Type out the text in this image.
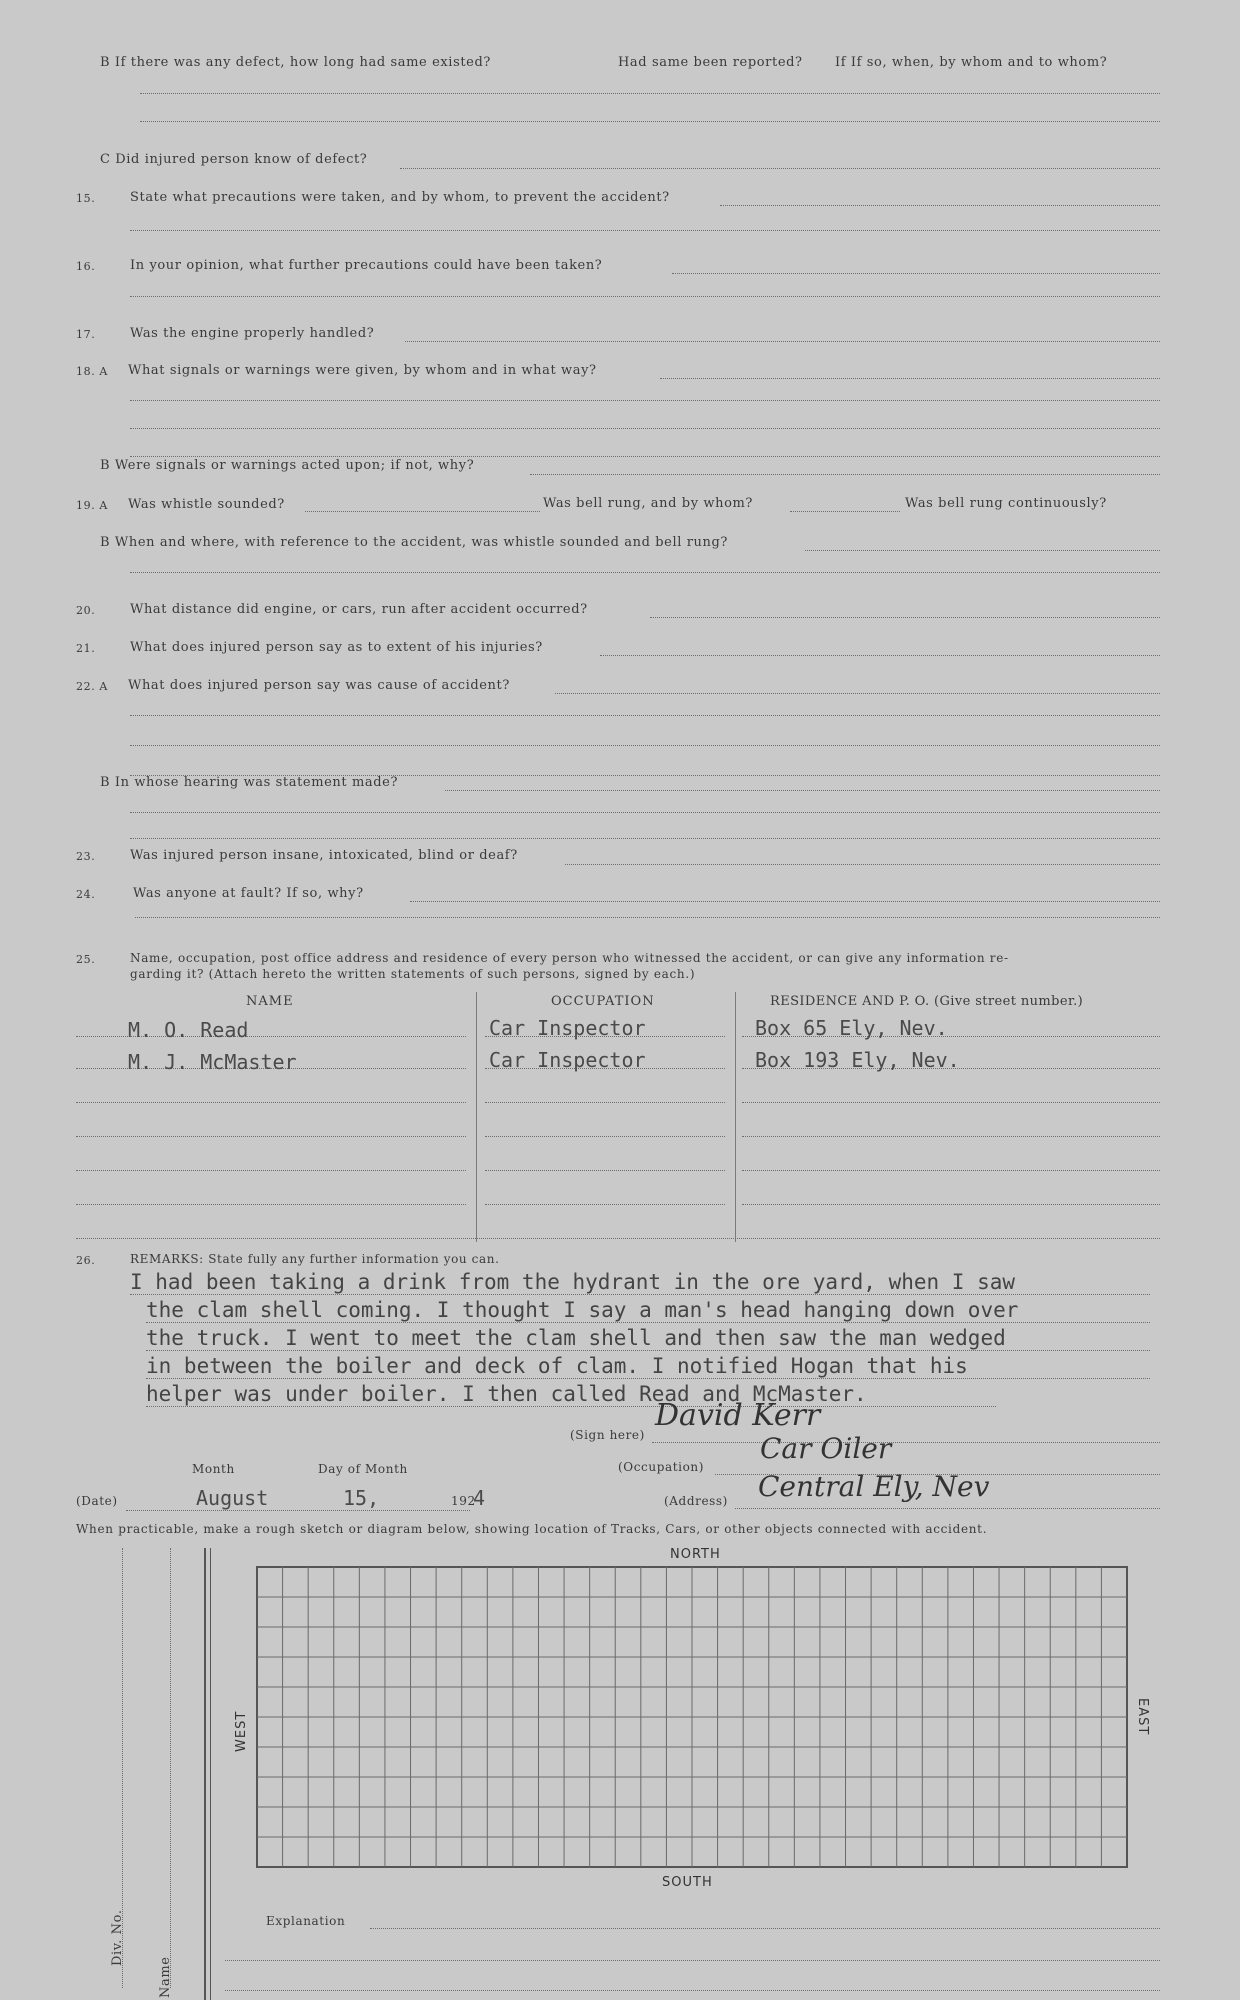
B If there was any defect, how long had same existed?	Had same been reported? If If so, when, by whom and to whom?
C Did injured person know of defect?
15.	State what precautions were taken, and by whom, to prevent the accident?
16.	In your opinion, what further precautions could have been taken?
17.	Was the engine properly handled?
18. A What signals or warnings were given, by whom and in what way?
B Were signals or warnings acted upon; if not, why?
19. A Was whistle sounded?	Was bell rung, and by whom?	Was bell rung continuously?
B When and where, with reference to the accident, was whistle sounded and bell rung?
20.	What distance did engine, or cars, run after accident occurred?
21.	What does injured person say as to extent of his injuries?
22. A What does injured person say was cause of accident?
B In whose hearing was statement made?
23.	Was injured person insane, intoxicated, blind or deaf?
24.	Was anyone at fault? If so, why?
25.	Name, occupation, post office address and residence of every person who witnessed the accident, or can give any information re-
garding it? (Attach hereto the written statements of such persons, signed by each.)
NAME	OCCUPATION	RESIDENCE AND P. O. (Give street number.)
M. O. Read	Car Inspector	Box 65 Ely, Nev.
M. J. McMaster	Car Inspector	Box 193 Ely, Nev.
26.	REMARKS: State fully any further information you can.
I had been taking a drink from the hydrant in the ore yard, when I saw
the clam shell coming. I thought I say a man's head hanging down over
the truck. I went to meet the clam shell and then saw the man wedged
in between the boiler and deck of clam. I notified Hogan that his
helper was under boiler. I then called Read and McMaster.
(Sign here)
David Kerr
(Occupation)
Car Oiler
(Address) Central Ely, Nev
Month	Day of Month
(Date)	August	15,	192
4
When practicable, make a rough sketch or diagram below, showing location of Tracks, Cars, or other objects connected with accident.
Div. No.
Name
NORTH
SOUTH
WEST	EAST
Explanation
